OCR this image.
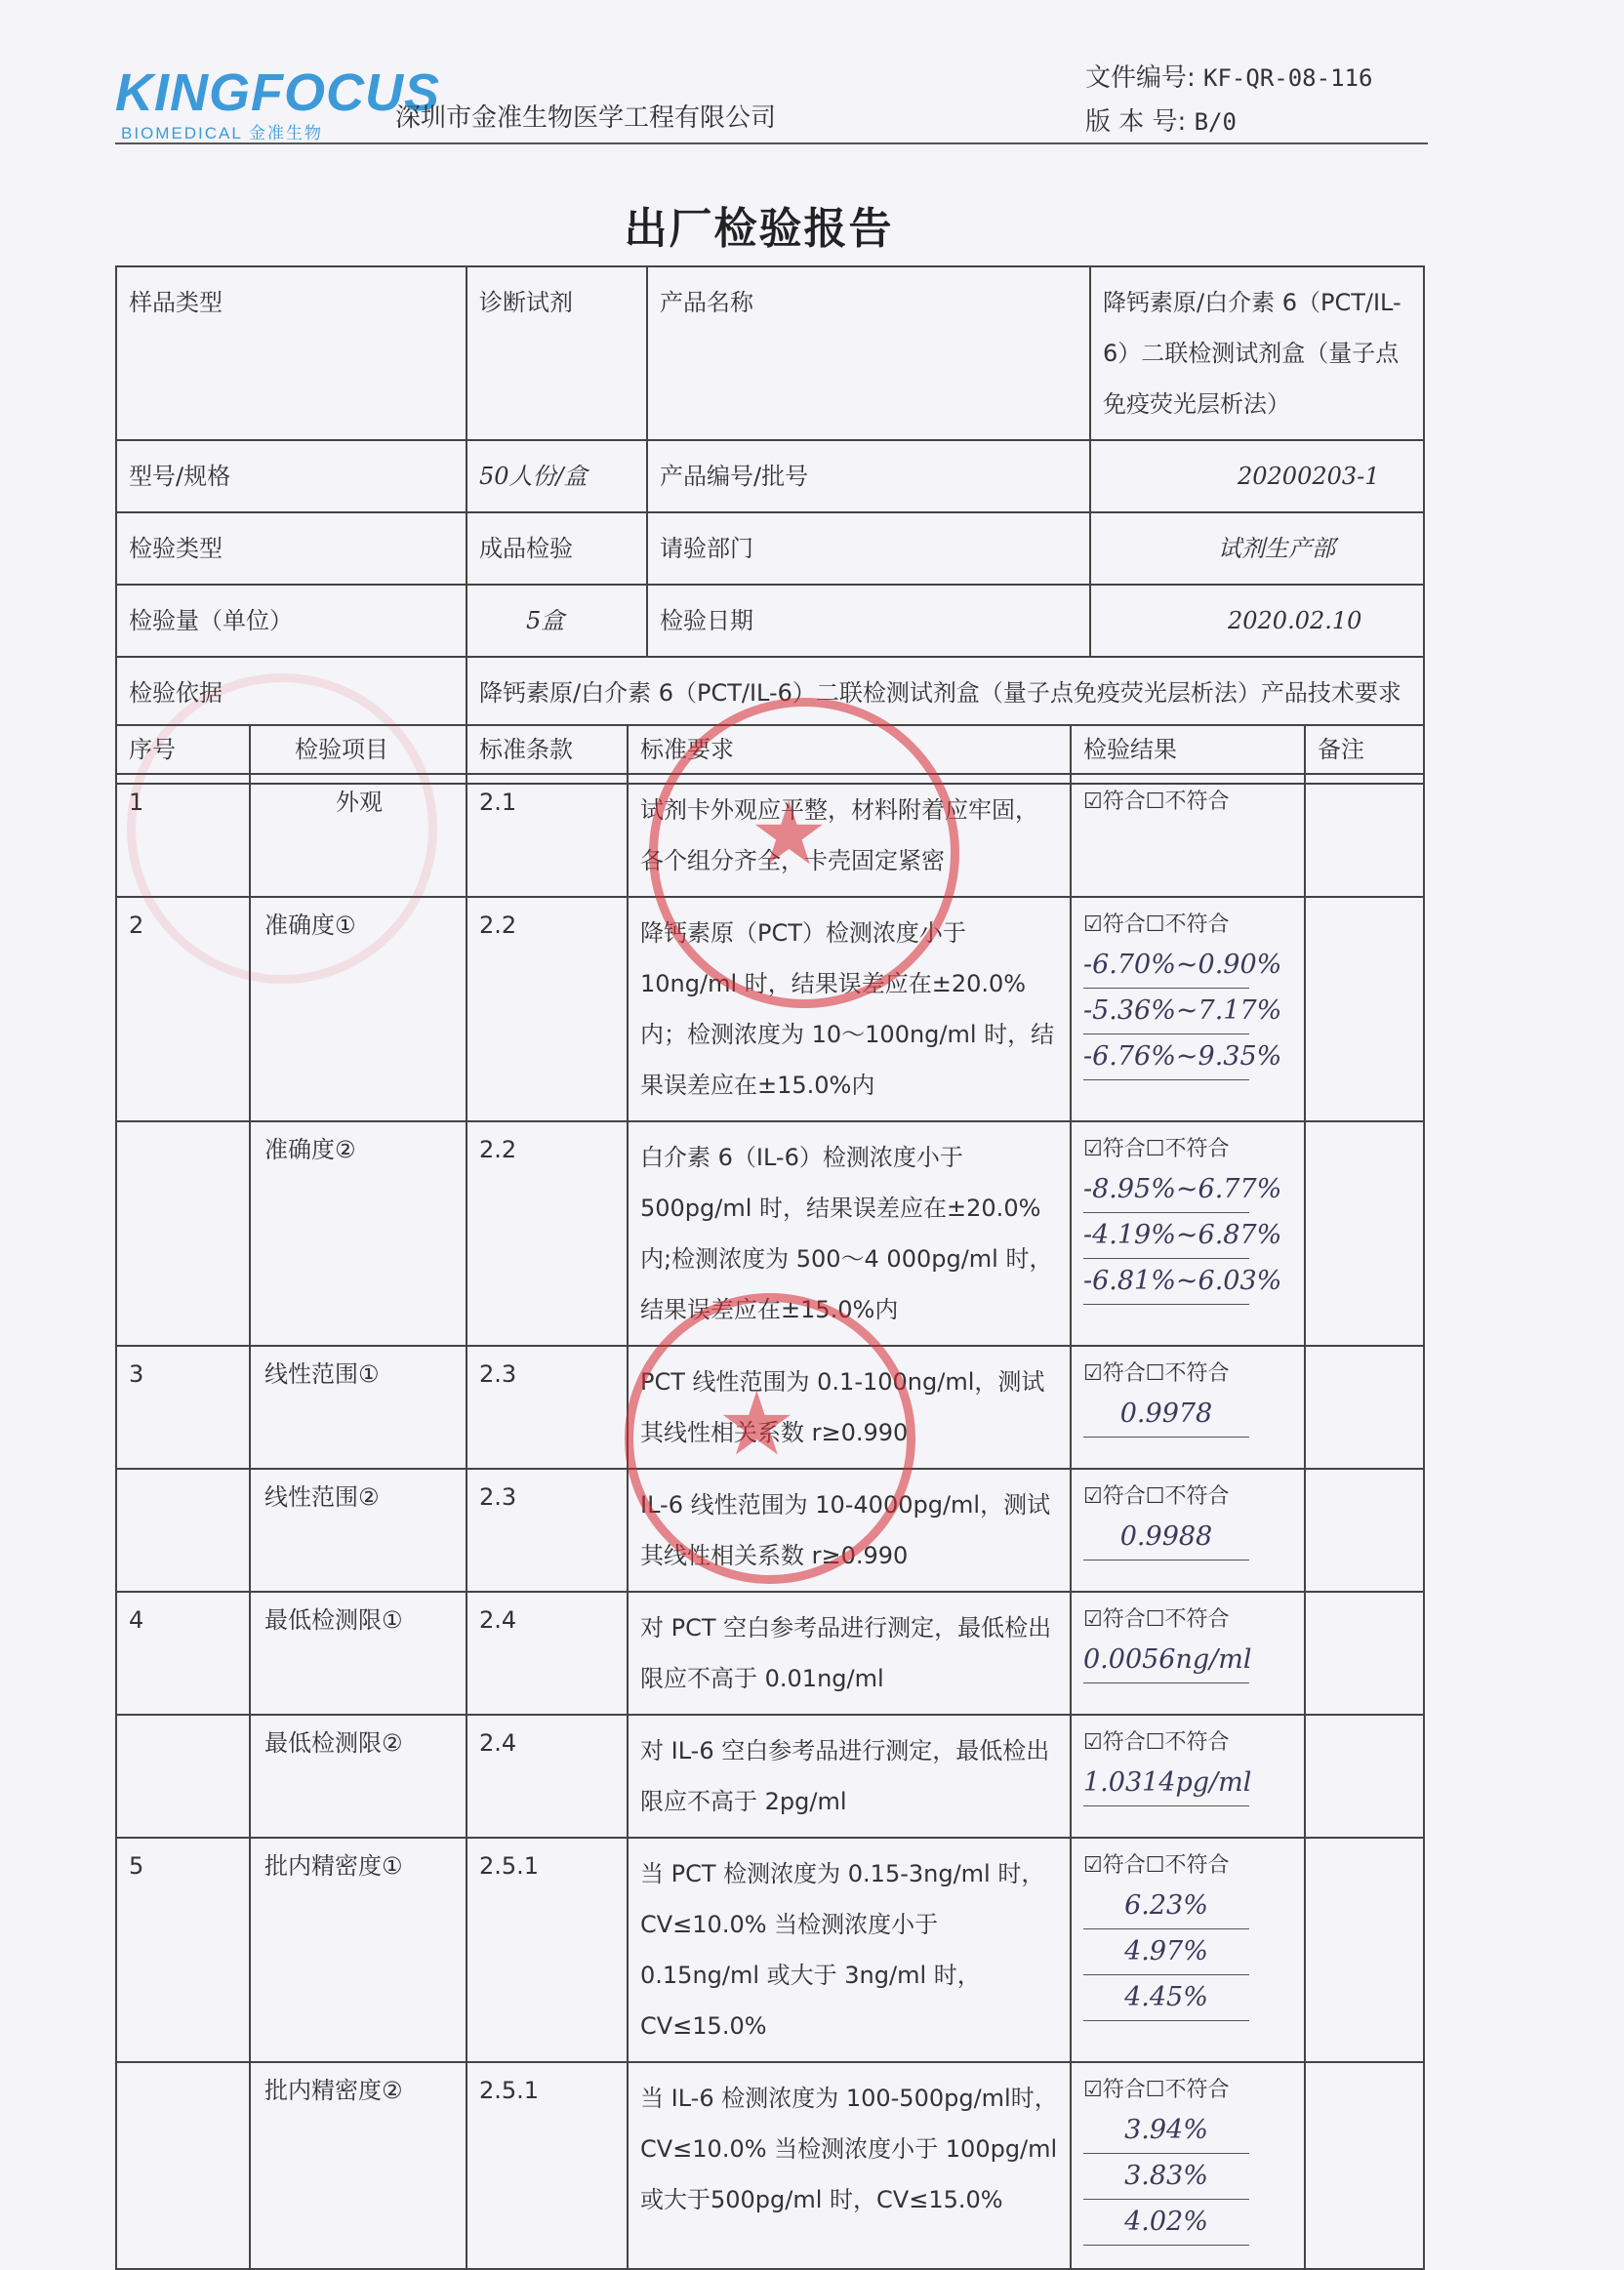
KINGFOCUS
BIOMEDICAL 金准生物
深圳市金准生物医学工程有限公司
文件编号: KF-QR-08-116
版 本 号: B/0
出厂检验报告
样品类型	诊断试剂	产品名称	降钙素原/白介素 6（PCT/IL-6）二联检测试剂盒（量子点免疫荧光层析法）
型号/规格	50人份/盒	产品编号/批号	20200203-1
检验类型	成品检验	请验部门	试剂生产部
检验量（单位）	5盒	检验日期	2020.02.10
检验依据	降钙素原/白介素 6（PCT/IL-6）二联检测试剂盒（量子点免疫荧光层析法）产品技术要求		
序号	检验项目	标准条款	标准要求	检验结果	备注
1	外观	2.1	试剂卡外观应平整，材料附着应牢固，各个组分齐全，卡壳固定紧密	☑符合☐不符合	

2	准确度①	2.2	降钙素原（PCT）检测浓度小于10ng/ml 时，结果误差应在±20.0%内；检测浓度为 10～100ng/ml 时，结果误差应在±15.0%内	☑符合☐不符合
-6.70%~0.90%
-5.36%~7.17%
-6.76%~9.35%	

	准确度②	2.2	白介素 6（IL-6）检测浓度小于500pg/ml 时，结果误差应在±20.0%内;检测浓度为 500～4 000pg/ml 时，结果误差应在±15.0%内	☑符合☐不符合
-8.95%~6.77%
-4.19%~6.87%
-6.81%~6.03%	

3	线性范围①	2.3	PCT 线性范围为 0.1-100ng/ml，测试其线性相关系数 r≥0.990	☑符合☐不符合
0.9978	

	线性范围②	2.3	IL-6 线性范围为 10-4000pg/ml，测试其线性相关系数 r≥0.990	☑符合☐不符合
0.9988	

4	最低检测限①	2.4	对 PCT 空白参考品进行测定，最低检出限应不高于 0.01ng/ml	☑符合☐不符合
0.0056ng/ml	

	最低检测限②	2.4	对 IL-6 空白参考品进行测定，最低检出限应不高于 2pg/ml	☑符合☐不符合
1.0314pg/ml	

5	批内精密度①	2.5.1	当 PCT 检测浓度为 0.15-3ng/ml 时，CV≤10.0% 当检测浓度小于 0.15ng/ml 或大于 3ng/ml 时，CV≤15.0%	☑符合☐不符合
6.23%
4.97%
4.45%	

	批内精密度②	2.5.1	当 IL-6 检测浓度为 100-500pg/ml时，CV≤10.0% 当检测浓度小于 100pg/ml 或大于500pg/ml 时，CV≤15.0%	☑符合☐不符合
3.94%
3.83%
4.02%	

★
★
